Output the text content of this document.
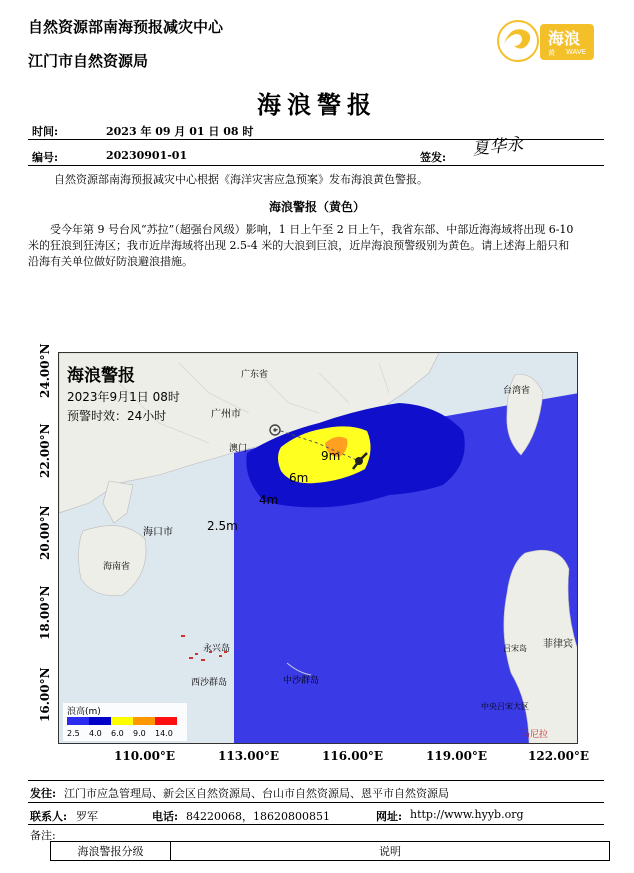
自然资源部南海预报减灾中心
江门市自然资源局
海浪
黄 WAVE
海浪警报
时间:	2023 年 09 月 01 日 08 时
编号:	20230901-01	签发: 夏华永
自然资源部南海预报减灾中心根据《海洋灾害应急预案》发布海浪黄色警报。
海浪警报（黄色）
受今年第 9 号台风“苏拉”（超强台风级）影响，1 日上午至 2 日上午，我省东部、中部近海海域将出现 6-10
米的狂浪到狂涛区；我市近岸海域将出现 2.5-4 米的大浪到巨浪，近岸海浪预警级别为黄色。请上述海上船只和
沿海有关单位做好防浪避浪措施。
24.00°N
22.00°N
20.00°N
18.00°N
16.00°N
海浪警报
2023年9月1日 08时
预警时效：24小时
广东省
广州市
澳门
台湾省
海口市
海南省
永兴岛
西沙群岛	中沙群岛
菲律宾
吕宋岛
中央吕宋大区
马尼拉
9m
6m
4m
2.5m
浪高(m)
2.5 4.0 6.0 9.0 14.0
110.00°E	113.00°E	116.00°E	119.00°E	122.00°E
发往: 江门市应急管理局、新会区自然资源局、台山市自然资源局、恩平市自然资源局
联系人: 罗军	电话: 84220068，18620800851	网址: http://www.hyyb.org
备注:
海浪警报分级	说明
